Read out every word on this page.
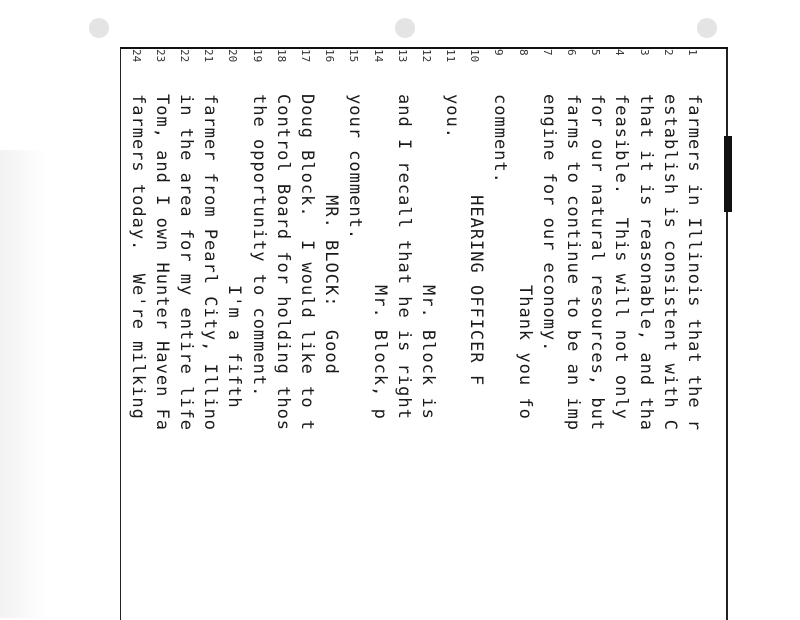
1farmers in Illinois that the r
2establish is consistent with C
3that it is reasonable, and tha
4feasible.  This will not only
5for our natural resources, but
6farms to continue to be an imp
7engine for our economy.
8                 Thank you fo
9comment.
10         HEARING OFFICER F
11you.
12                 Mr. Block is
13and I recall that he is right
14                 Mr. Block, p
15your comment.
16         MR. BLOCK:  Good
17Doug Block.  I would like to t
18Control Board for holding thos
19the opportunity to comment.
20                 I'm a fifth
21farmer from Pearl City, Illino
22in the area for my entire life
23Tom, and I own Hunter Haven Fa
24farmers today.  We're milking
